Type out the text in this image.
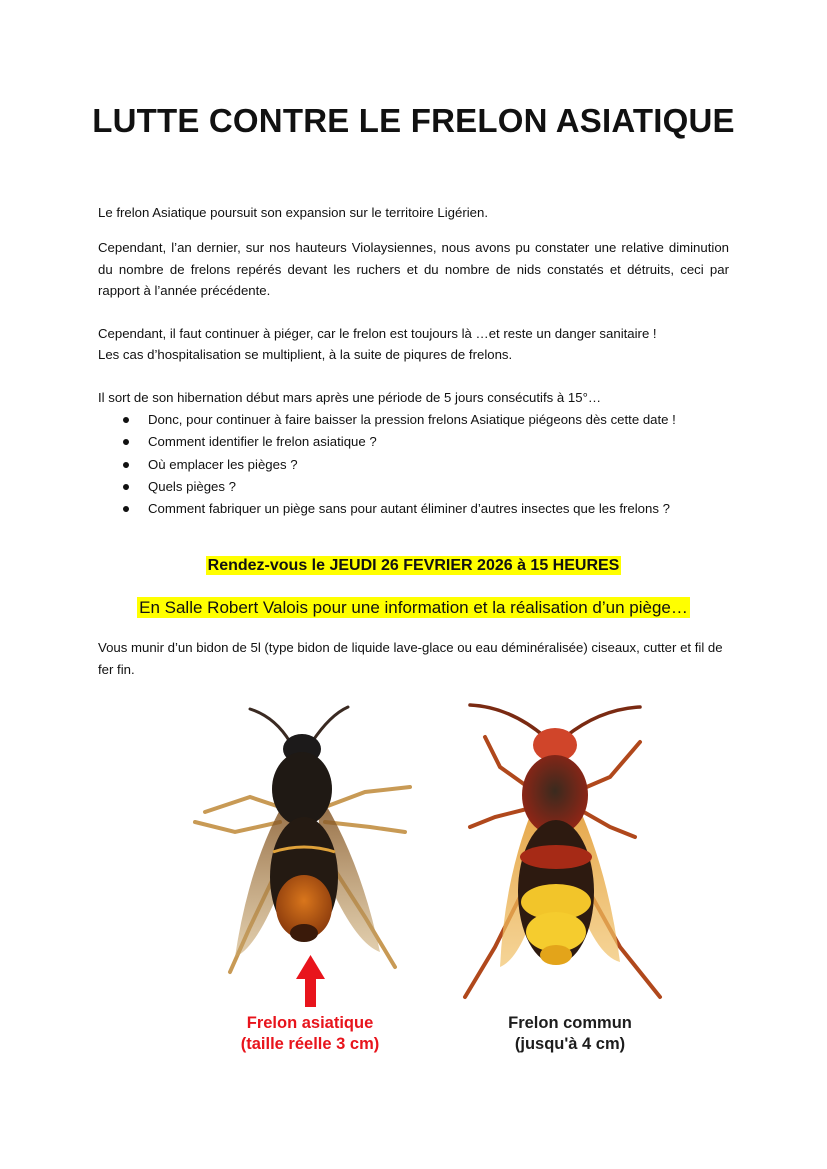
LUTTE CONTRE LE FRELON ASIATIQUE

Le frelon Asiatique poursuit son expansion sur le territoire Ligérien.

Cependant, l’an dernier, sur nos hauteurs Violaysiennes, nous avons pu constater une relative diminution du nombre de frelons repérés devant les ruchers et du nombre de nids constatés et détruits, ceci par rapport à l’année précédente.

Cependant, il faut continuer à piéger, car le frelon est toujours là …et reste un danger sanitaire !

Les cas d’hospitalisation se multiplient, à la suite de piqures de frelons.

Il sort de son hibernation début mars après une période de 5 jours consécutifs à 15°…

Donc, pour continuer à faire baisser la pression frelons Asiatique piégeons dès cette date !
Comment identifier le frelon asiatique ?
Où emplacer les pièges ?
Quels pièges ?
Comment fabriquer un piège sans pour autant éliminer d’autres insectes que les frelons ?
Rendez-vous le JEUDI 26 FEVRIER 2026 à 15 HEURES
En Salle Robert Valois pour une information et la réalisation d’un piège…

Vous munir d’un bidon de 5l (type bidon de liquide lave-glace ou eau déminéralisée) ciseaux, cutter et fil de fer fin.

Frelon asiatique
(taille réelle 3 cm)
Frelon commun
(jusqu'à 4 cm)
